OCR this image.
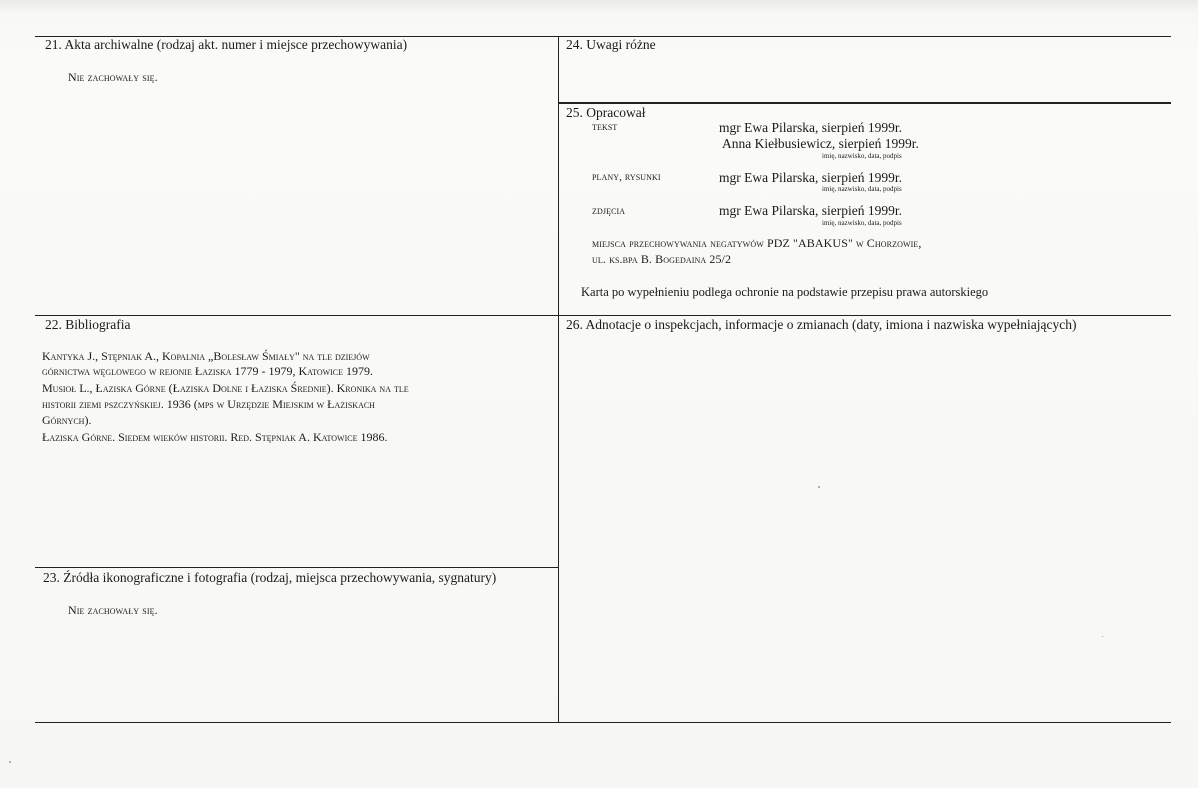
21. Akta archiwalne (rodzaj akt. numer i miejsce przechowywania)
Nie zachowały się.
24. Uwagi różne
25. Opracował
tekst	mgr Ewa Pilarska, sierpień 1999r.
Anna Kiełbusiewicz, sierpień 1999r.
imię, nazwisko, data, podpis
plany, rysunki	mgr Ewa Pilarska, sierpień 1999r.
imię, nazwisko, data, podpis
zdjęcia	mgr Ewa Pilarska, sierpień 1999r.
imię, nazwisko, data, podpis
miejsca przechowywania negatywów PDZ "ABAKUS" w Chorzowie,
ul. ks.bpa B. Bogedaina 25/2
Karta po wypełnieniu podlega ochronie na podstawie przepisu prawa autorskiego
22. Bibliografia
Kantyka J., Stępniak A., Kopalnia „Bolesław Śmiały" na tle dziejów
górnictwa węglowego w rejonie Łaziska 1779 - 1979, Katowice 1979.
Musioł L., Łaziska Górne (Łaziska Dolne i Łaziska Średnie). Kronika na tle
historii ziemi pszczyńskiej. 1936 (mps w Urzędzie Miejskim w Łaziskach
Górnych).
Łaziska Górne. Siedem wieków historii. Red. Stępniak A. Katowice 1986.
23. Źródła ikonograficzne i fotografia (rodzaj, miejsca przechowywania, sygnatury)
Nie zachowały się.
26. Adnotacje o inspekcjach, informacje o zmianach (daty, imiona i nazwiska wypełniających)
